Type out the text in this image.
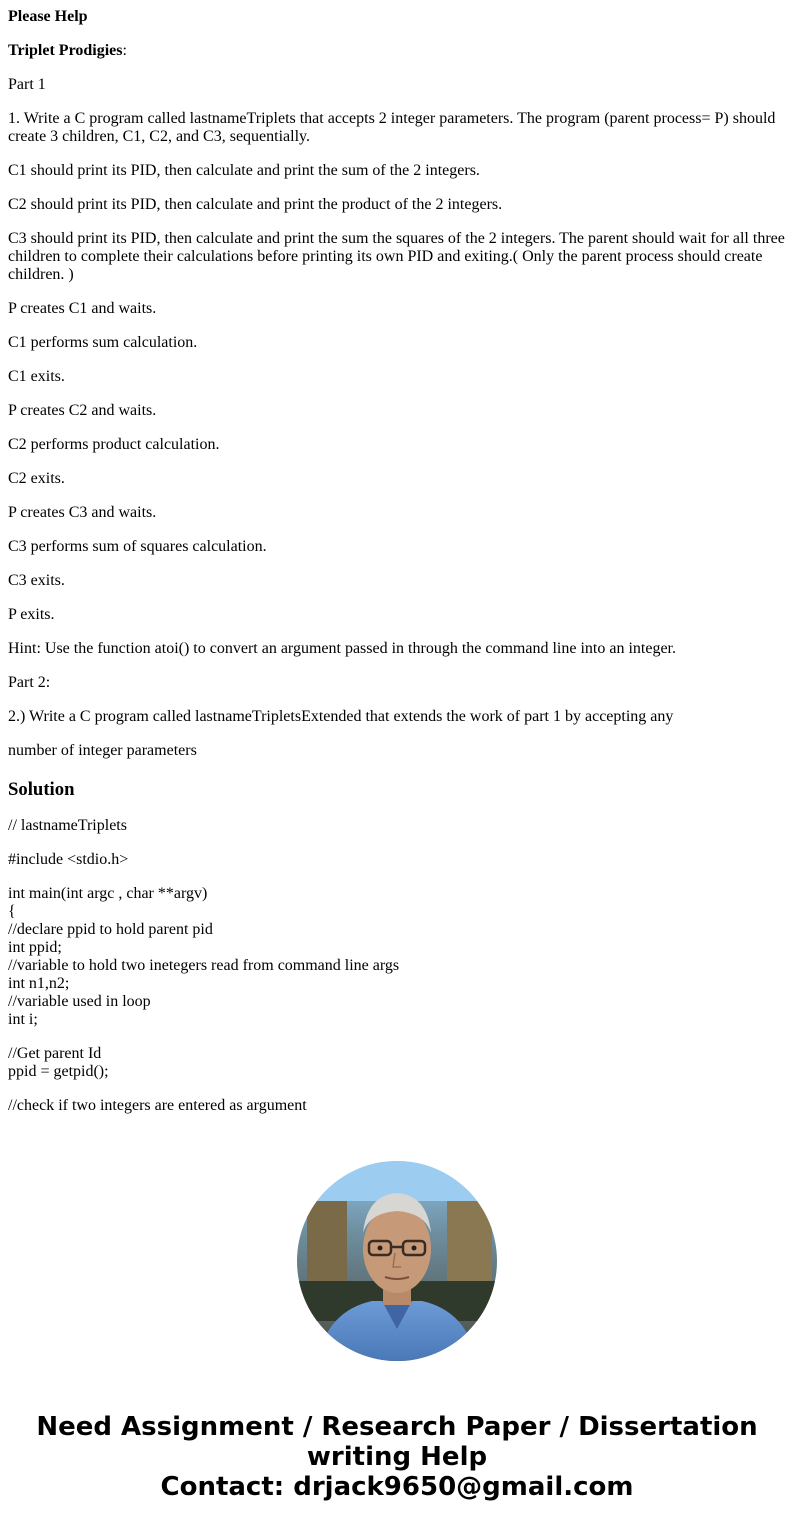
Please Help

Triplet Prodigies:

Part 1

1. Write a C program called lastnameTriplets that accepts 2 integer parameters. The program (parent process= P) should create 3 children, C1, C2, and C3, sequentially.

C1 should print its PID, then calculate and print the sum of the 2 integers.

C2 should print its PID, then calculate and print the product of the 2 integers.

C3 should print its PID, then calculate and print the sum the squares of the 2 integers. The parent should wait for all three children to complete their calculations before printing its own PID and exiting.( Only the parent process should create children. )

P creates C1 and waits.

C1 performs sum calculation.

C1 exits.

P creates C2 and waits.

C2 performs product calculation.

C2 exits.

P creates C3 and waits.

C3 performs sum of squares calculation.

C3 exits.

P exits.

Hint: Use the function atoi() to convert an argument passed in through the command line into an integer.

Part 2:

2.) Write a C program called lastnameTripletsExtended that extends the work of part 1 by accepting any

number of integer parameters

Solution

// lastnameTriplets

#include <stdio.h>

int main(int argc , char **argv)
{
//declare ppid to hold parent pid
int ppid;
//variable to hold two inetegers read from command line args
int n1,n2;
//variable used in loop
int i;
//Get parent Id
ppid = getpid();

//check if two integers are entered as argument

Need Assignment / Research Paper / Dissertation
writing Help
Contact: drjack9650@gmail.com
